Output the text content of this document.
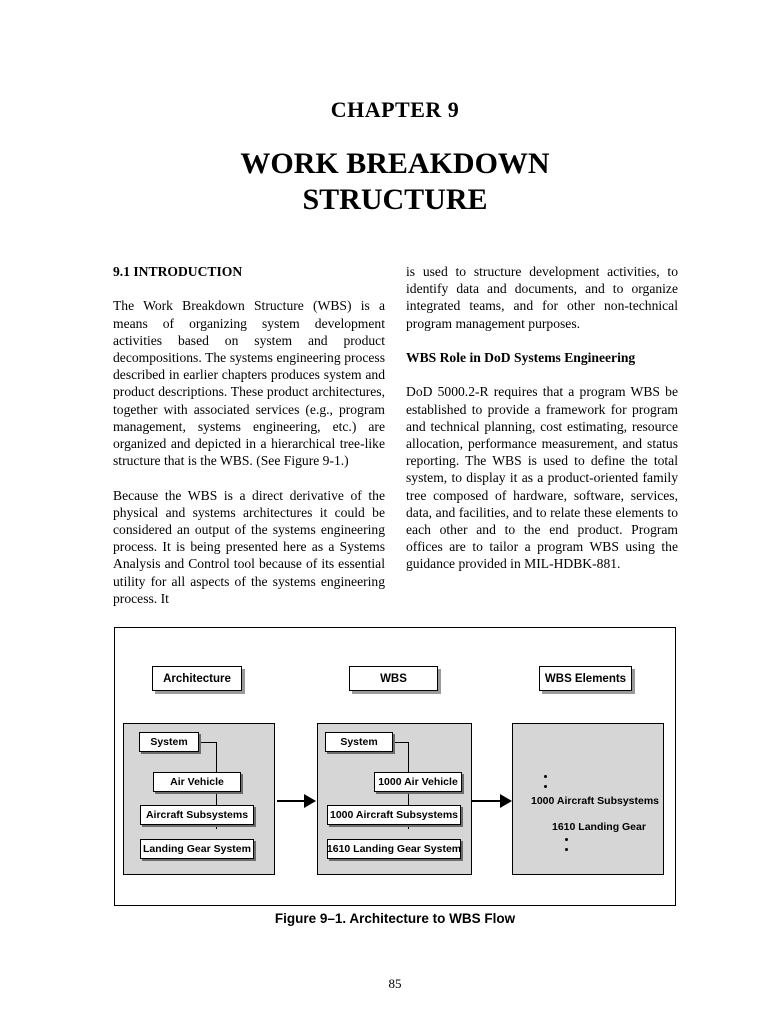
CHAPTER 9
WORK BREAKDOWN
STRUCTURE
9.1 INTRODUCTION

The Work Breakdown Structure (WBS) is a means of organizing system development activities based on system and product decompositions. The systems engineering process described in earlier chapters produces system and product descriptions. These product architectures, together with associated services (e.g., program management, systems engineering, etc.) are organized and depicted in a hierarchical tree-like structure that is the WBS. (See Figure 9-1.)

Because the WBS is a direct derivative of the physical and systems architectures it could be considered an output of the systems engineering process. It is being presented here as a Systems Analysis and Control tool because of its essential utility for all aspects of the systems engineering process. It

is used to structure development activities, to identify data and documents, and to organize integrated teams, and for other non-technical program management purposes.

WBS Role in DoD Systems Engineering

DoD 5000.2-R requires that a program WBS be established to provide a framework for program and technical planning, cost estimating, resource allocation, performance measurement, and status reporting. The WBS is used to define the total system, to display it as a product-oriented family tree composed of hardware, software, services, data, and facilities, and to relate these elements to each other and to the end product. Program offices are to tailor a program WBS using the guidance provided in MIL-HDBK-881.

Architecture	WBS	WBS Elements
System
Air Vehicle
Aircraft Subsystems
Landing Gear System
System
1000 Air Vehicle
1000 Aircraft Subsystems
1610 Landing Gear System
1000 Aircraft Subsystems
1610 Landing Gear
Figure 9–1. Architecture to WBS Flow
85
